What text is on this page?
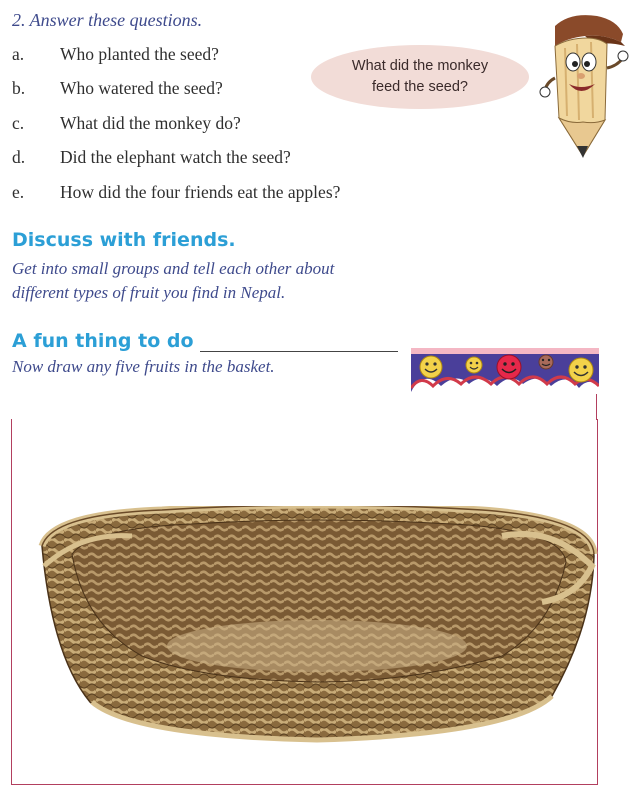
2. Answer these questions.
a.	Who planted the seed?
b.	Who watered the seed?
c.	What did the monkey do?
d.	Did the elephant watch the seed?
e.	How did the four friends eat the apples?
What did the monkey
feed the seed?
Discuss with friends.

Get into small groups and tell each other about
different types of fruit you find in Nepal.

A fun thing to do

Now draw any five fruits in the basket.
